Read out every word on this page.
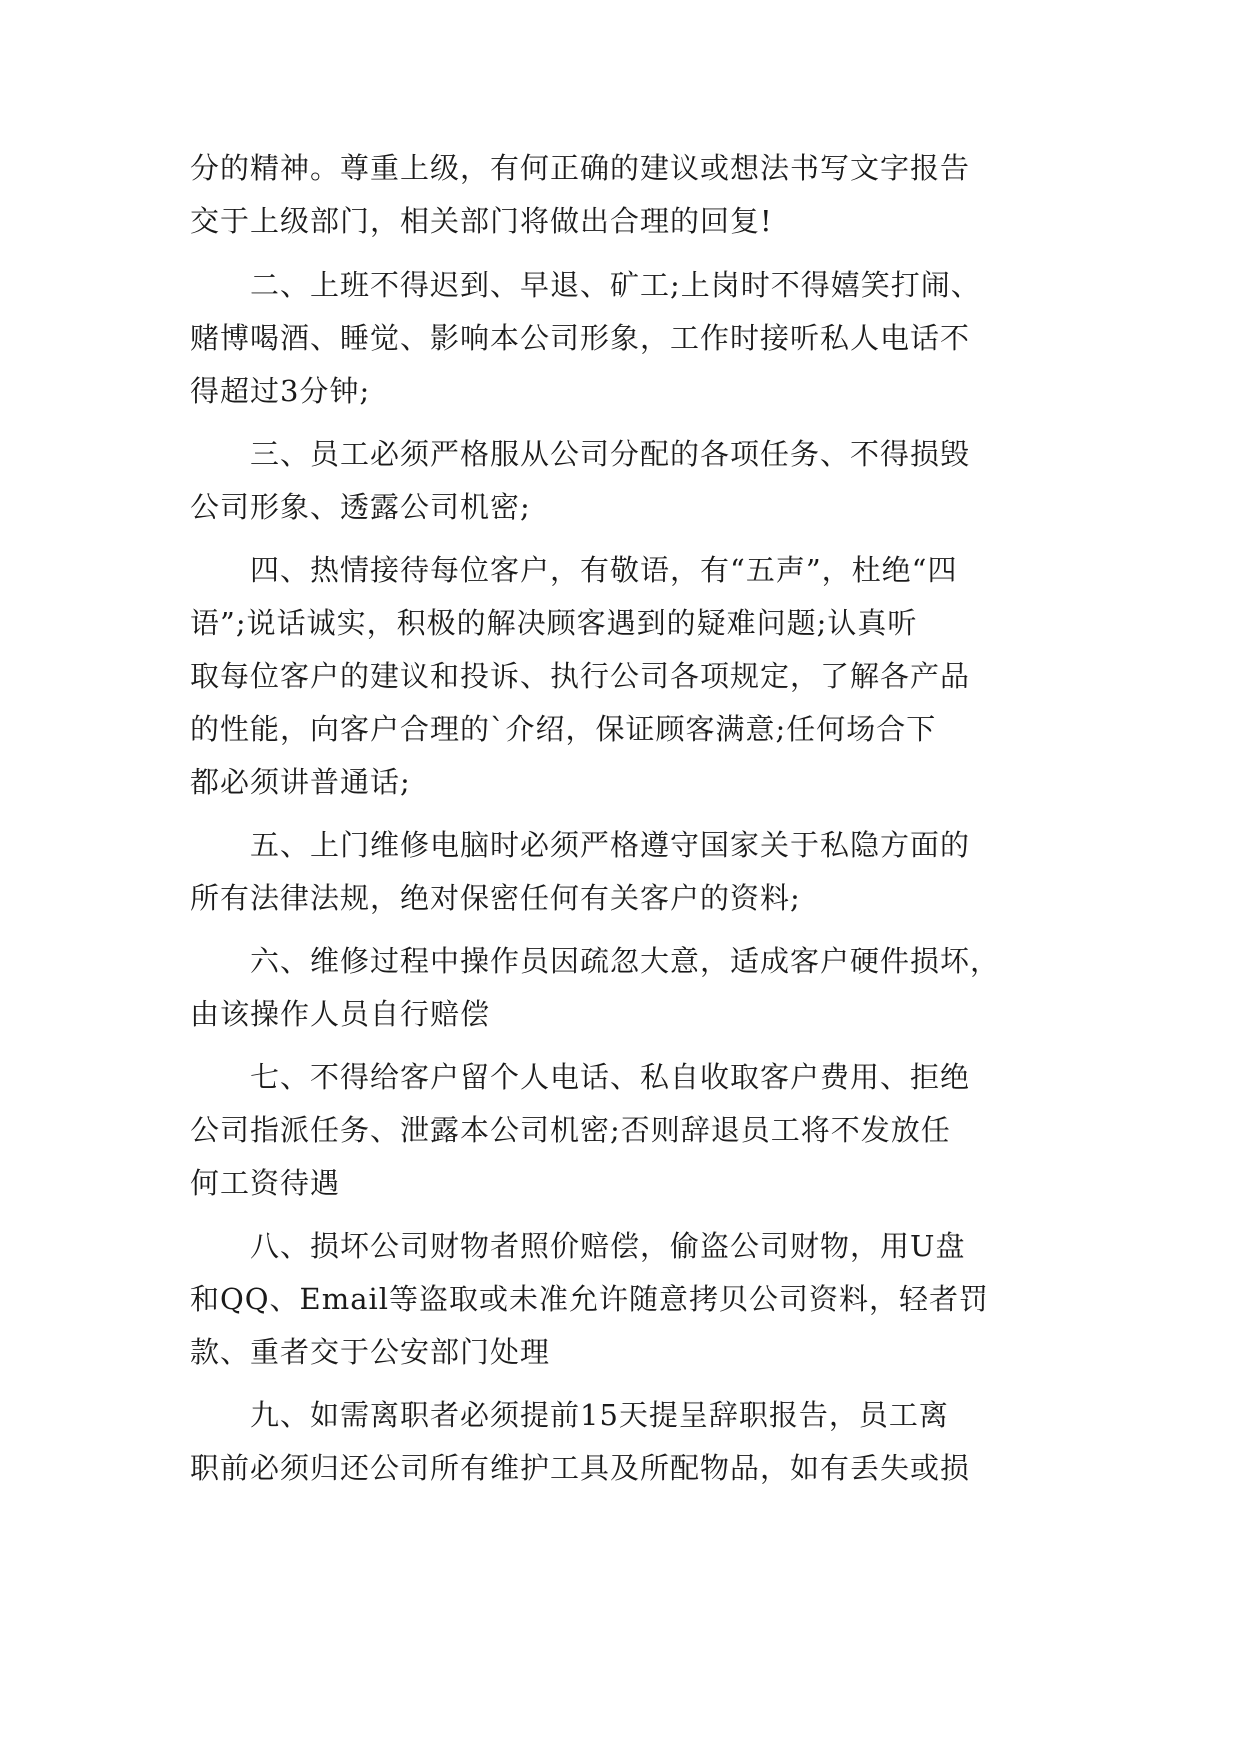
分的精神。尊重上级，有何正确的建议或想法书写文字报告
交于上级部门，相关部门将做出合理的回复!
　　二、上班不得迟到、早退、矿工;上岗时不得嬉笑打闹、
赌博喝酒、睡觉、影响本公司形象，工作时接听私人电话不
得超过3分钟;
　　三、员工必须严格服从公司分配的各项任务、不得损毁
公司形象、透露公司机密;
　　四、热情接待每位客户，有敬语，有“五声”，杜绝“四
语”;说话诚实，积极的解决顾客遇到的疑难问题;认真听
取每位客户的建议和投诉、执行公司各项规定，了解各产品
的性能，向客户合理的`介绍，保证顾客满意;任何场合下
都必须讲普通话;
　　五、上门维修电脑时必须严格遵守国家关于私隐方面的
所有法律法规，绝对保密任何有关客户的资料;
　　六、维修过程中操作员因疏忽大意，适成客户硬件损坏，
由该操作人员自行赔偿
　　七、不得给客户留个人电话、私自收取客户费用、拒绝
公司指派任务、泄露本公司机密;否则辞退员工将不发放任
何工资待遇
　　八、损坏公司财物者照价赔偿，偷盗公司财物，用U盘
和QQ、Email等盗取或未准允许随意拷贝公司资料，轻者罚
款、重者交于公安部门处理
　　九、如需离职者必须提前15天提呈辞职报告，员工离
职前必须归还公司所有维护工具及所配物品，如有丢失或损
